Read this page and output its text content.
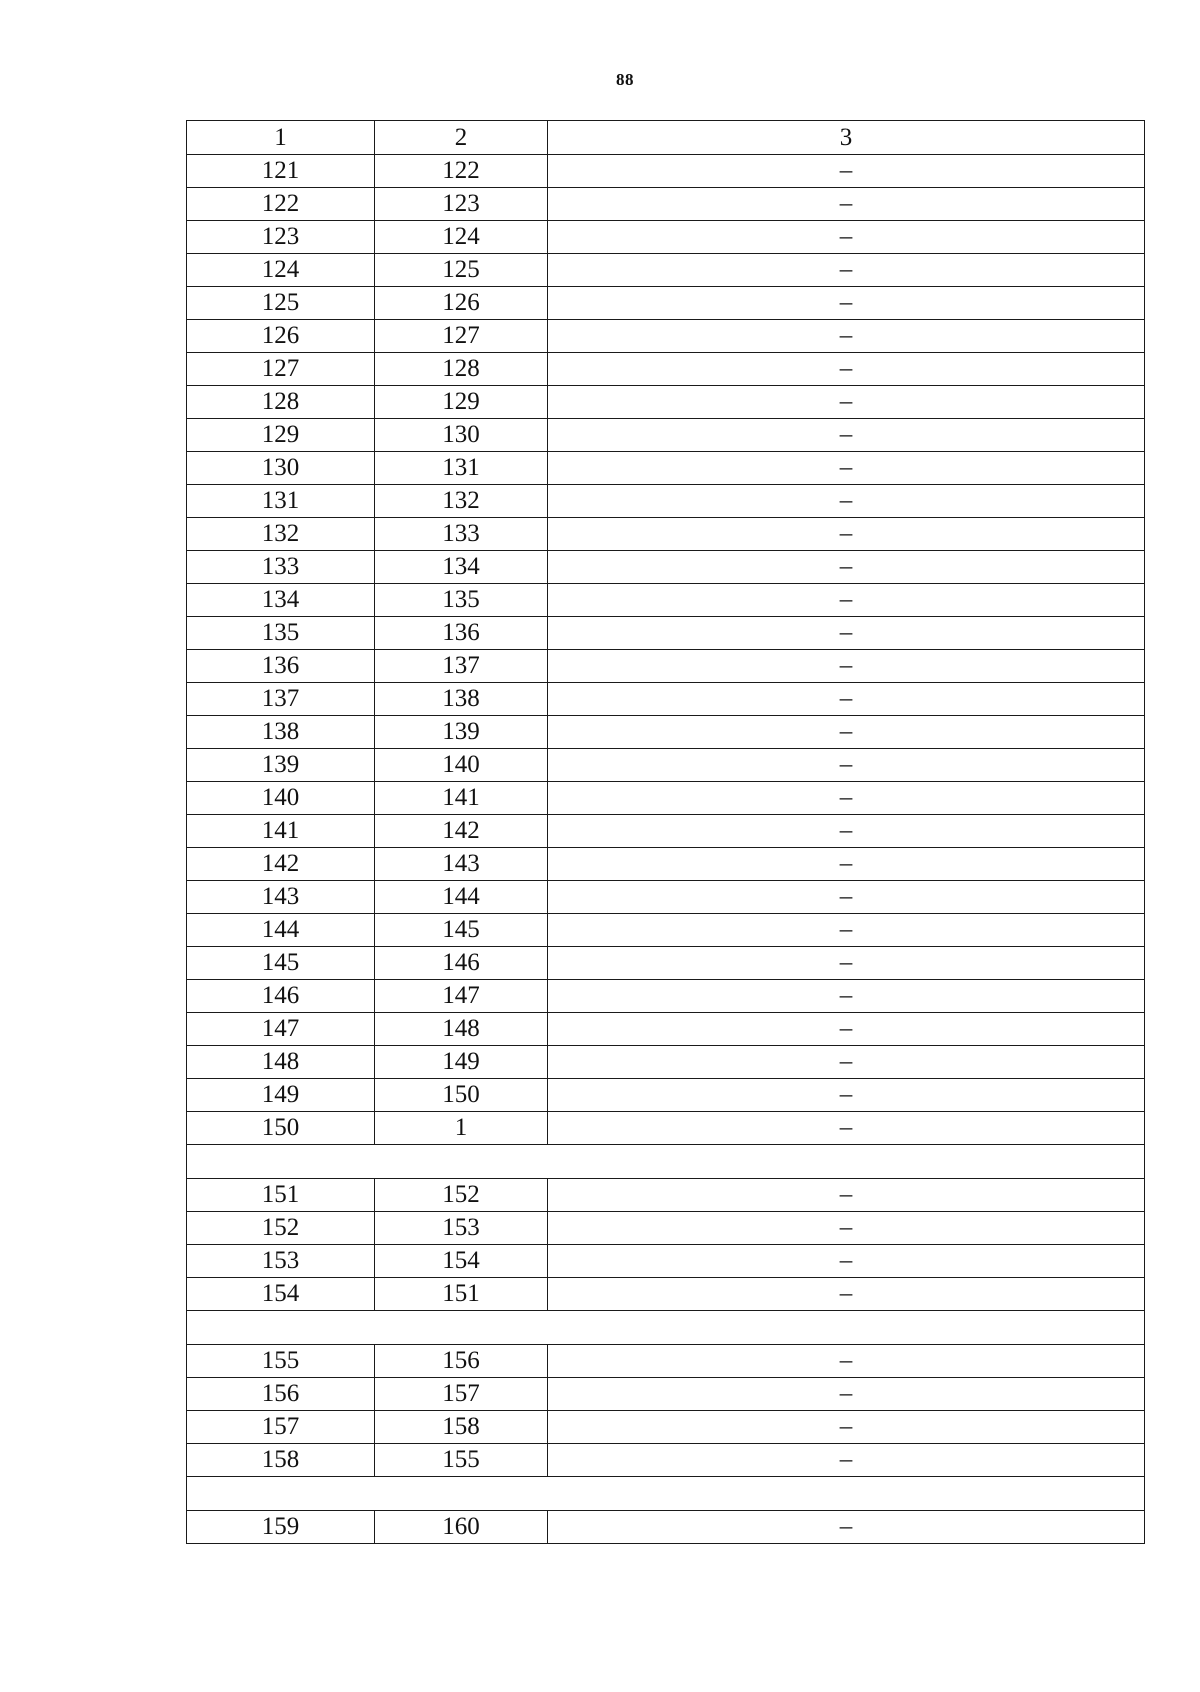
88
1	2	3
121	122	–
122	123	–
123	124	–
124	125	–
125	126	–
126	127	–
127	128	–
128	129	–
129	130	–
130	131	–
131	132	–
132	133	–
133	134	–
134	135	–
135	136	–
136	137	–
137	138	–
138	139	–
139	140	–
140	141	–
141	142	–
142	143	–
143	144	–
144	145	–
145	146	–
146	147	–
147	148	–
148	149	–
149	150	–
150	1	–

151	152	–
152	153	–
153	154	–
154	151	–

155	156	–
156	157	–
157	158	–
158	155	–

159	160	–
